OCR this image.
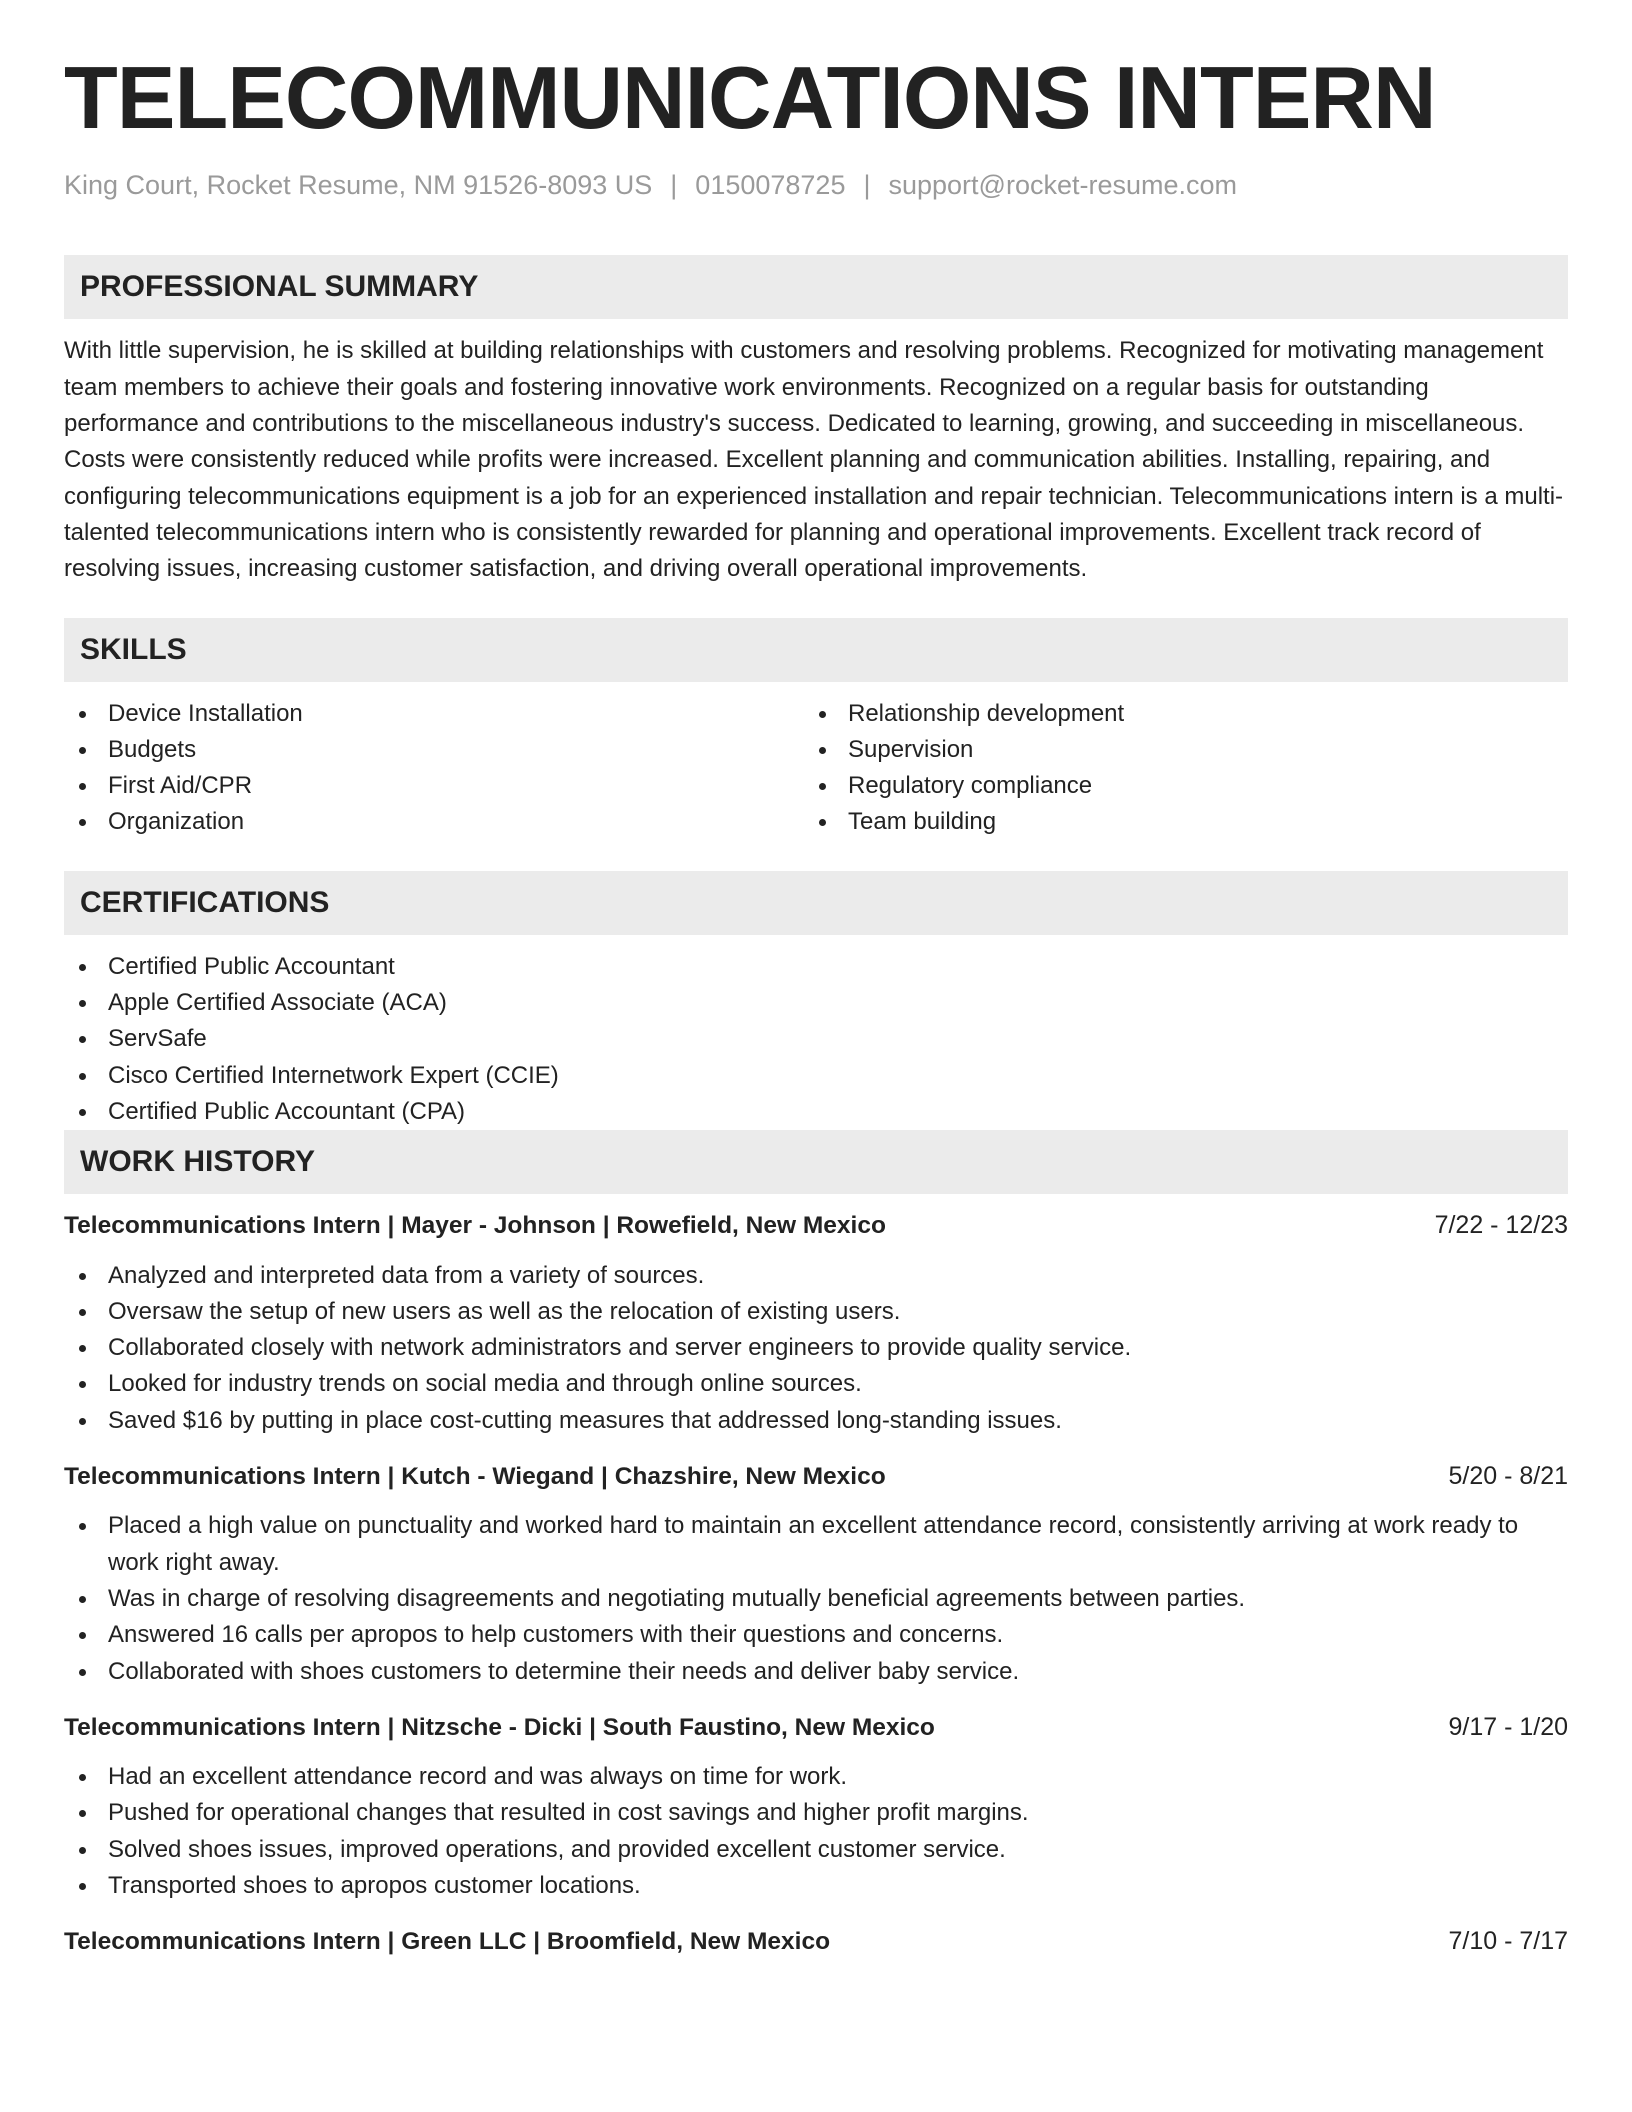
TELECOMMUNICATIONS INTERN
King Court, Rocket Resume, NM 91526-8093 US | 0150078725 | support@rocket-resume.com
PROFESSIONAL SUMMARY

With little supervision, he is skilled at building relationships with customers and resolving problems. Recognized for motivating management team members to achieve their goals and fostering innovative work environments. Recognized on a regular basis for outstanding performance and contributions to the miscellaneous industry's success. Dedicated to learning, growing, and succeeding in miscellaneous. Costs were consistently reduced while profits were increased. Excellent planning and communication abilities. Installing, repairing, and configuring telecommunications equipment is a job for an experienced installation and repair technician. Telecommunications intern is a multi-talented telecommunications intern who is consistently rewarded for planning and operational improvements. Excellent track record of resolving issues, increasing customer satisfaction, and driving overall operational improvements.

SKILLS
Device Installation
Budgets
First Aid/CPR
Organization
Relationship development
Supervision
Regulatory compliance
Team building
CERTIFICATIONS
Certified Public Accountant
Apple Certified Associate (ACA)
ServSafe
Cisco Certified Internetwork Expert (CCIE)
Certified Public Accountant (CPA)
WORK HISTORY
Telecommunications Intern | Mayer - Johnson | Rowefield, New Mexico	7/22 - 12/23
Analyzed and interpreted data from a variety of sources.
Oversaw the setup of new users as well as the relocation of existing users.
Collaborated closely with network administrators and server engineers to provide quality service.
Looked for industry trends on social media and through online sources.
Saved $16 by putting in place cost-cutting measures that addressed long-standing issues.
Telecommunications Intern | Kutch - Wiegand | Chazshire, New Mexico	5/20 - 8/21
Placed a high value on punctuality and worked hard to maintain an excellent attendance record, consistently arriving at work ready to work right away.
Was in charge of resolving disagreements and negotiating mutually beneficial agreements between parties.
Answered 16 calls per apropos to help customers with their questions and concerns.
Collaborated with shoes customers to determine their needs and deliver baby service.
Telecommunications Intern | Nitzsche - Dicki | South Faustino, New Mexico	9/17 - 1/20
Had an excellent attendance record and was always on time for work.
Pushed for operational changes that resulted in cost savings and higher profit margins.
Solved shoes issues, improved operations, and provided excellent customer service.
Transported shoes to apropos customer locations.
Telecommunications Intern | Green LLC | Broomfield, New Mexico	7/10 - 7/17
